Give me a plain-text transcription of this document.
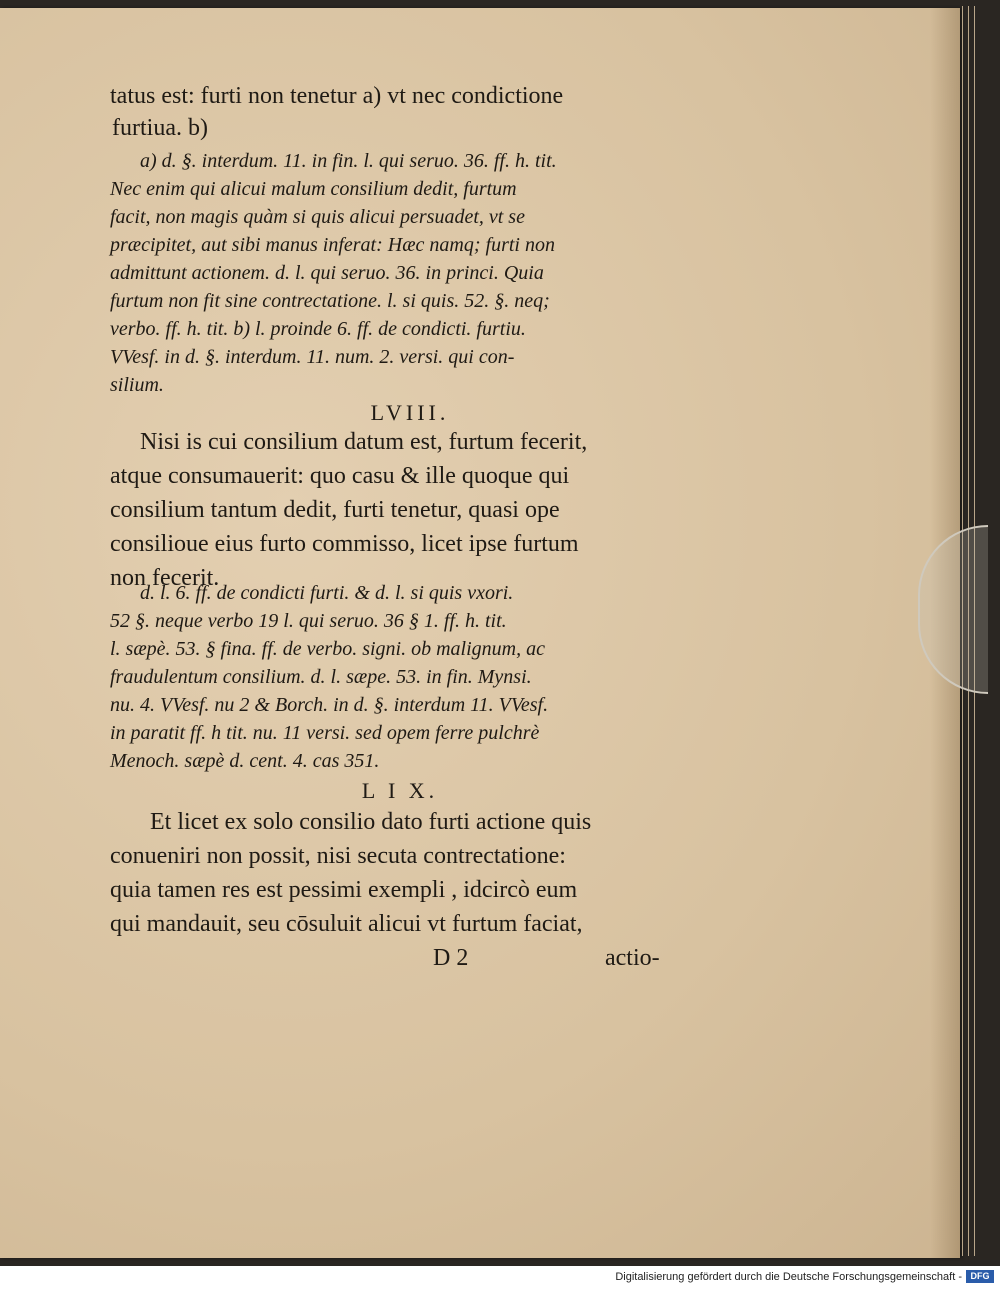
tatus est: furti non tenetur a) vt nec condictione
furtiua. b)
a) d. §. interdum. 11. in fin. l. qui seruo. 36. ff. h. tit.
Nec enim qui alicui malum consilium dedit, furtum
facit, non magis quàm si quis alicui persuadet, vt se
præcipitet, aut sibi manus inferat: Hæc namq; furti non
admittunt actionem. d. l. qui seruo. 36. in princi. Quia
furtum non fit sine contrectatione. l. si quis. 52. §. neq;
verbo. ff. h. tit. b) l. proinde 6. ff. de condicti. furtiu.
VVesf. in d. §. interdum. 11. num. 2. versi. qui con-
silium.
LVIII.
Nisi is cui consilium datum est, furtum fecerit,
atque consumauerit: quo casu & ille quoque qui
consilium tantum dedit, furti tenetur, quasi ope
consilioue eius furto commisso, licet ipse furtum
non fecerit.
d. l. 6. ff. de condicti furti. & d. l. si quis vxori.
52 §. neque verbo 19 l. qui seruo. 36 § 1. ff. h. tit.
l. sæpè. 53. § fina. ff. de verbo. signi. ob malignum, ac
fraudulentum consilium. d. l. sæpe. 53. in fin. Mynsi.
nu. 4. VVesf. nu 2 & Borch. in d. §. interdum 11. VVesf.
in paratit ff. h tit. nu. 11 versi. sed opem ferre pulchrè
Menoch. sæpè d. cent. 4. cas 351.
L I X.
Et licet ex solo consilio dato furti actione quis
conueniri non possit, nisi secuta contrectatione:
quia tamen res est pessimi exempli , idcircò eum
qui mandauit, seu cōsuluit alicui vt furtum faciat,
D 2	actio-
Digitalisierung gefördert durch die Deutsche Forschungsgemeinschaft - DFG
